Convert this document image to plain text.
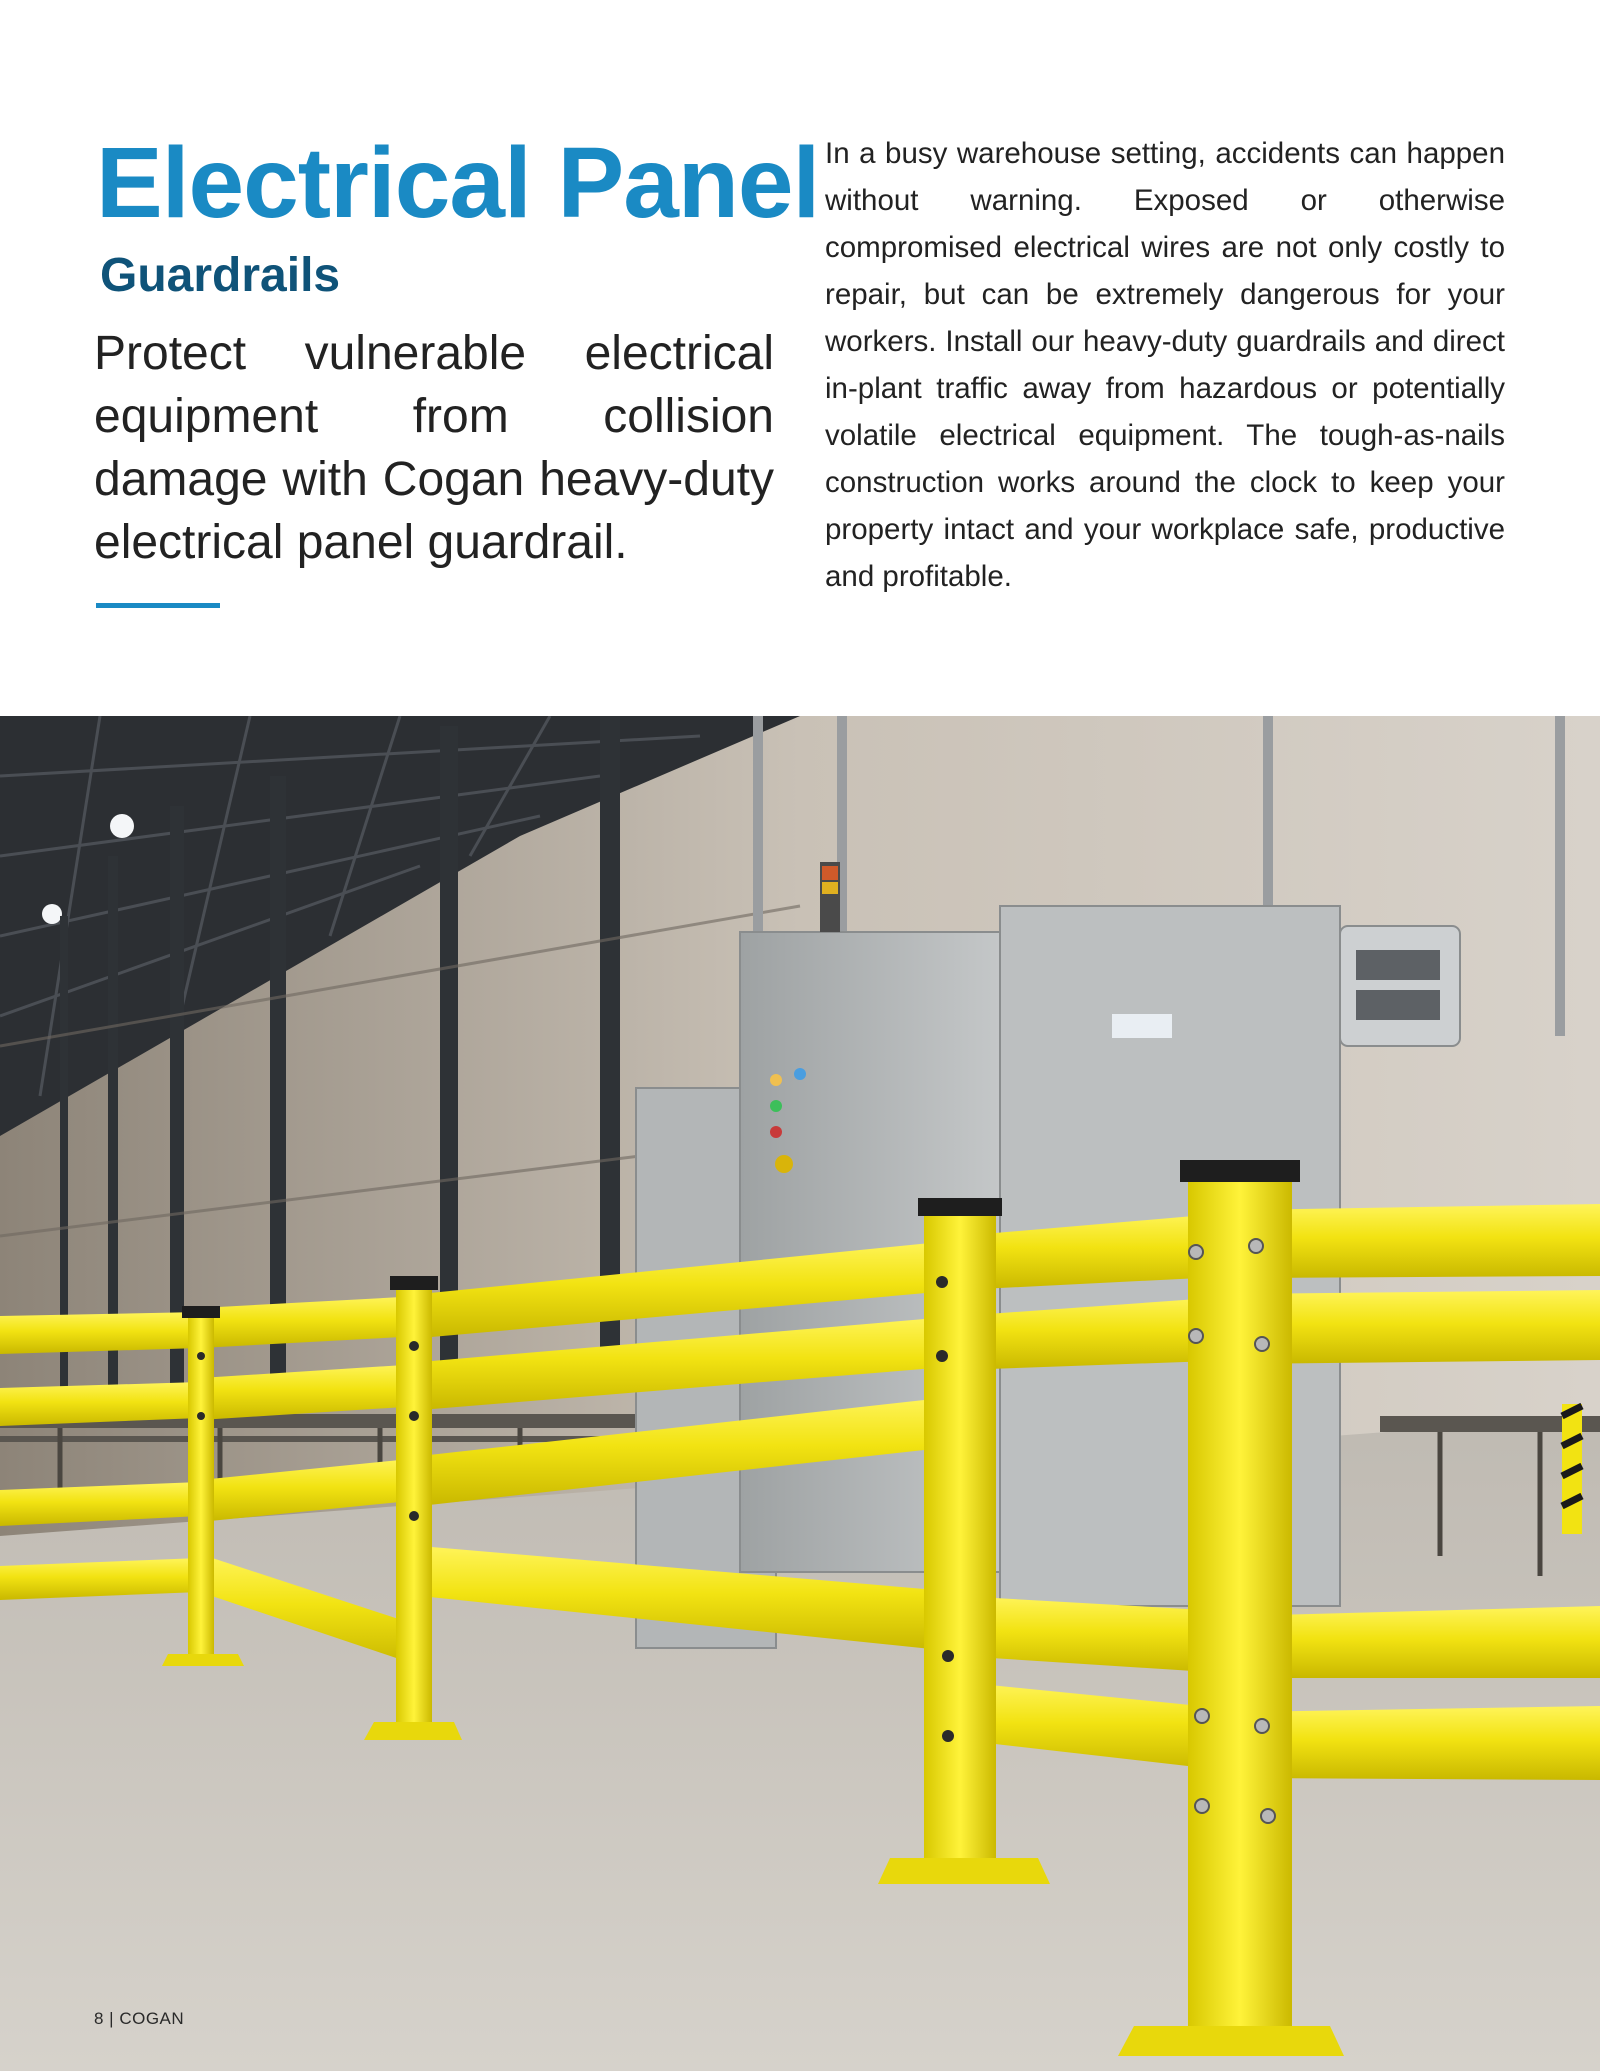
Electrical Panel
Guardrails

Protect vulnerable electrical equipment from collision damage with Cogan heavy-duty electrical panel guardrail.

In a busy warehouse setting, accidents can happen without warning. Exposed or otherwise compromised electrical wires are not only costly to repair, but can be extremely dangerous for your workers. Install our heavy-duty guardrails and direct in-plant traffic away from hazardous or potentially volatile electrical equipment. The tough-as-nails construction works around the clock to keep your property intact and your workplace safe, productive and profitable.

8 | COGAN
